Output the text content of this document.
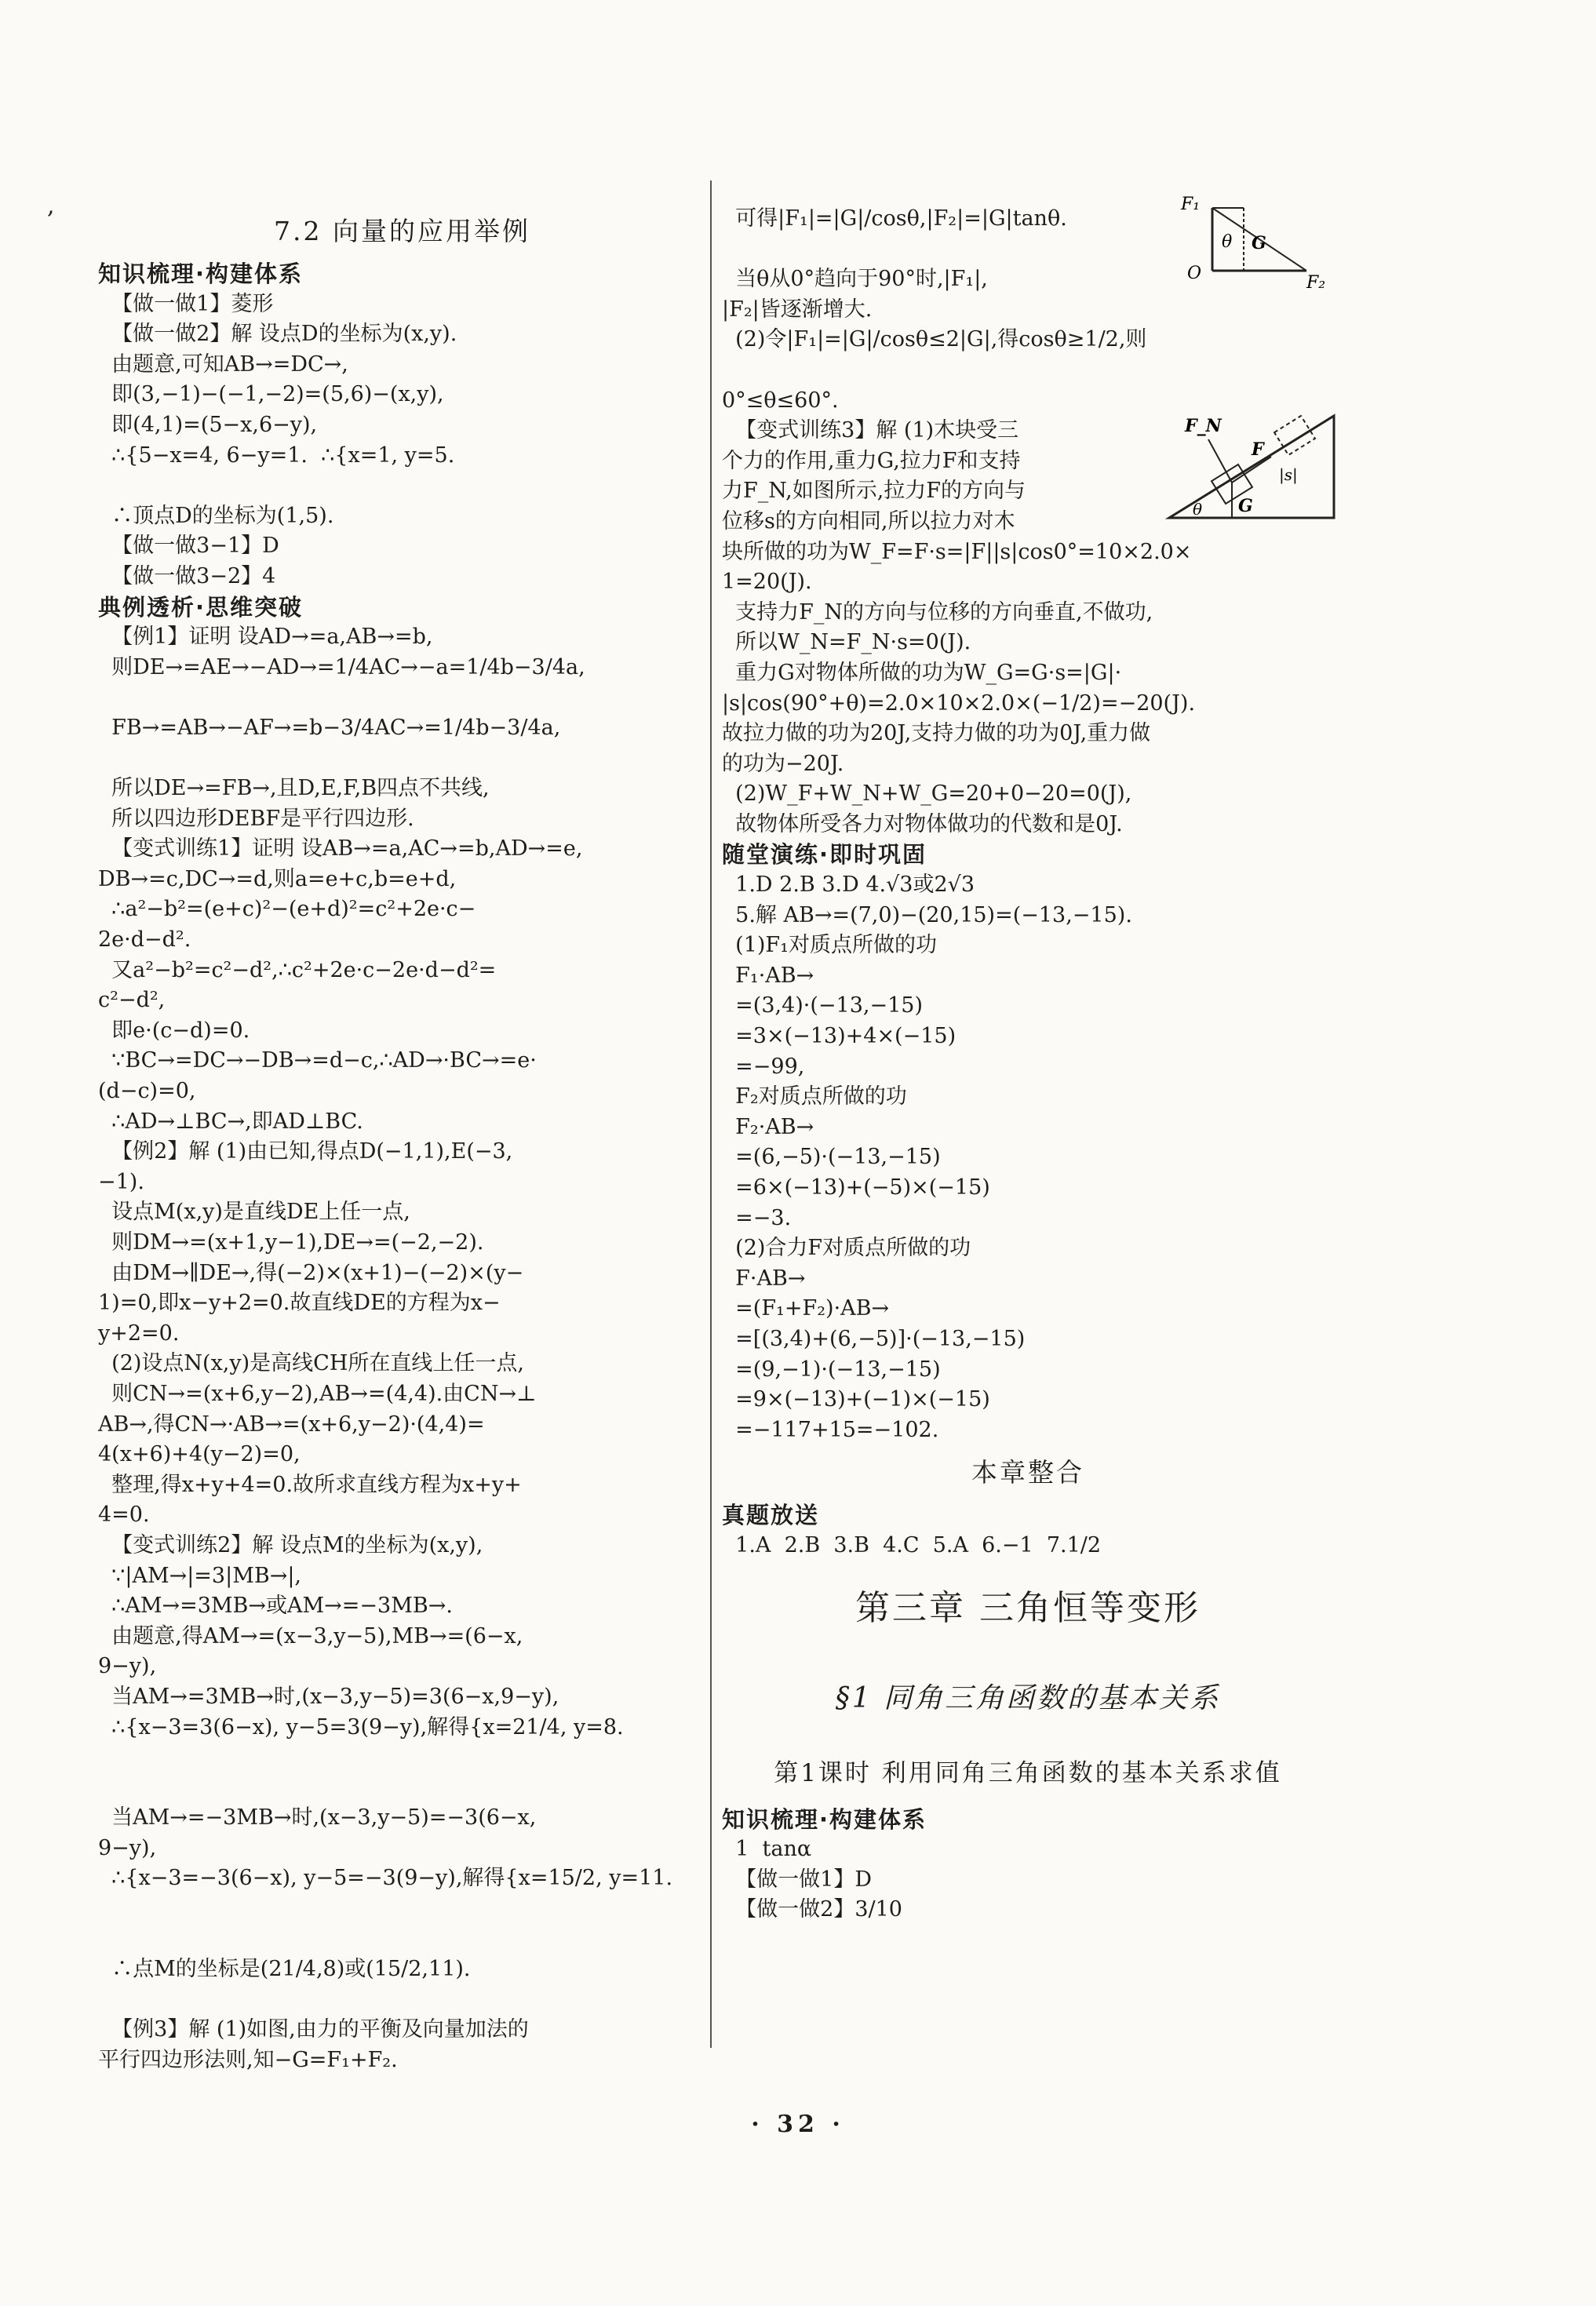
,
7.2 向量的应用举例
知识梳理·构建体系
【做一做1】菱形
【做一做2】解 设点D的坐标为(x,y).
由题意,可知AB→=DC→,
即(3,−1)−(−1,−2)=(5,6)−(x,y),
即(4,1)=(5−x,6−y),
∴{5−x=4, 6−y=1.  ∴{x=1, y=5.
∴顶点D的坐标为(1,5).
【做一做3−1】D
【做一做3−2】4
典例透析·思维突破
【例1】证明 设AD→=a,AB→=b,
则DE→=AE→−AD→=1/4AC→−a=1/4b−3/4a,
FB→=AB→−AF→=b−3/4AC→=1/4b−3/4a,
所以DE→=FB→,且D,E,F,B四点不共线,
所以四边形DEBF是平行四边形.
【变式训练1】证明 设AB→=a,AC→=b,AD→=e,
DB→=c,DC→=d,则a=e+c,b=e+d,
∴a²−b²=(e+c)²−(e+d)²=c²+2e·c−
2e·d−d².
又a²−b²=c²−d²,∴c²+2e·c−2e·d−d²=
c²−d²,
即e·(c−d)=0.
∵BC→=DC→−DB→=d−c,∴AD→·BC→=e·
(d−c)=0,
∴AD→⊥BC→,即AD⊥BC.
【例2】解 (1)由已知,得点D(−1,1),E(−3,
−1).
设点M(x,y)是直线DE上任一点,
则DM→=(x+1,y−1),DE→=(−2,−2).
由DM→∥DE→,得(−2)×(x+1)−(−2)×(y−
1)=0,即x−y+2=0.故直线DE的方程为x−
y+2=0.
(2)设点N(x,y)是高线CH所在直线上任一点,
则CN→=(x+6,y−2),AB→=(4,4).由CN→⊥
AB→,得CN→·AB→=(x+6,y−2)·(4,4)=
4(x+6)+4(y−2)=0,
整理,得x+y+4=0.故所求直线方程为x+y+
4=0.
【变式训练2】解 设点M的坐标为(x,y),
∵|AM→|=3|MB→|,
∴AM→=3MB→或AM→=−3MB→.
由题意,得AM→=(x−3,y−5),MB→=(6−x,
9−y),
当AM→=3MB→时,(x−3,y−5)=3(6−x,9−y),
∴{x−3=3(6−x), y−5=3(9−y),解得{x=21/4, y=8.
当AM→=−3MB→时,(x−3,y−5)=−3(6−x,
9−y),
∴{x−3=−3(6−x), y−5=−3(9−y),解得{x=15/2, y=11.
∴点M的坐标是(21/4,8)或(15/2,11).
【例3】解 (1)如图,由力的平衡及向量加法的
平行四边形法则,知−G=F₁+F₂.
可得|F₁|=|G|/cosθ,|F₂|=|G|tanθ.
当θ从0°趋向于90°时,|F₁|,
|F₂|皆逐渐增大.
(2)令|F₁|=|G|/cosθ≤2|G|,得cosθ≥1/2,则
0°≤θ≤60°.
【变式训练3】解 (1)木块受三
个力的作用,重力G,拉力F和支持
力F_N,如图所示,拉力F的方向与
位移s的方向相同,所以拉力对木
块所做的功为W_F=F·s=|F||s|cos0°=10×2.0×
1=20(J).
支持力F_N的方向与位移的方向垂直,不做功,
所以W_N=F_N·s=0(J).
重力G对物体所做的功为W_G=G·s=|G|·
|s|cos(90°+θ)=2.0×10×2.0×(−1/2)=−20(J).
故拉力做的功为20J,支持力做的功为0J,重力做
的功为−20J.
(2)W_F+W_N+W_G=20+0−20=0(J),
故物体所受各力对物体做功的代数和是0J.
随堂演练·即时巩固
1.D 2.B 3.D 4.√3或2√3
5.解 AB→=(7,0)−(20,15)=(−13,−15).
(1)F₁对质点所做的功
F₁·AB→
=(3,4)·(−13,−15)
=3×(−13)+4×(−15)
=−99,
F₂对质点所做的功
F₂·AB→
=(6,−5)·(−13,−15)
=6×(−13)+(−5)×(−15)
=−3.
(2)合力F对质点所做的功
F·AB→
=(F₁+F₂)·AB→
=[(3,4)+(6,−5)]·(−13,−15)
=(9,−1)·(−13,−15)
=9×(−13)+(−1)×(−15)
=−117+15=−102.
本章整合
真题放送
1.A  2.B  3.B  4.C  5.A  6.−1  7.1/2
第三章 三角恒等变形
§1 同角三角函数的基本关系
第1课时 利用同角三角函数的基本关系求值
知识梳理·构建体系
1  tanα
【做一做1】D
【做一做2】3/10
F₁
θ
O
G
F₂
F_N
F
|s|
θ G
· 32 ·
